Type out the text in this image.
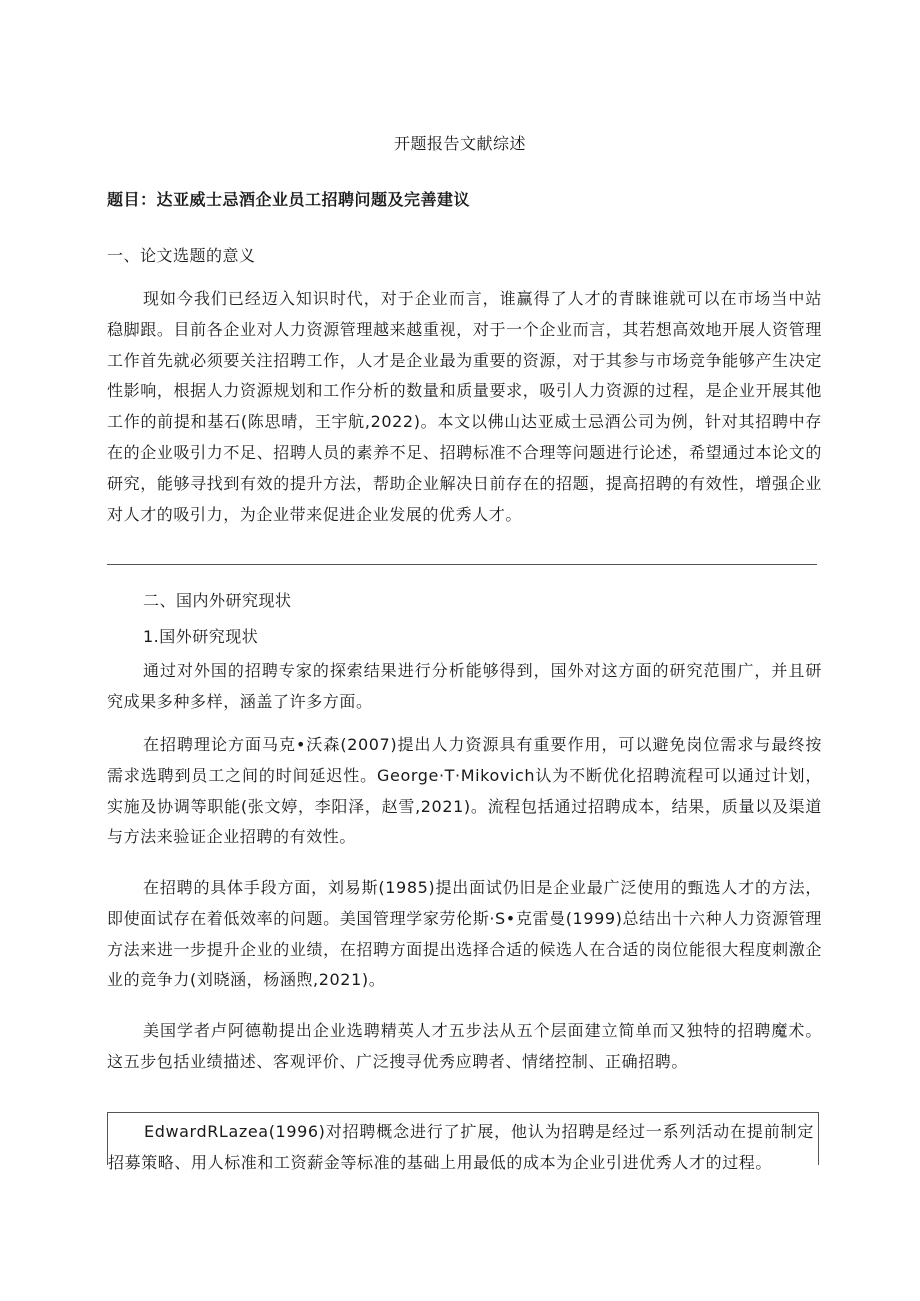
开题报告文献综述
题目：达亚威士忌酒企业员工招聘问题及完善建议
一、论文选题的意义

现如今我们已经迈入知识时代，对于企业而言，谁赢得了人才的青睐谁就可以在市场当中站稳脚跟。目前各企业对人力资源管理越来越重视，对于一个企业而言，其若想高效地开展人资管理工作首先就必须要关注招聘工作，人才是企业最为重要的资源，对于其参与市场竞争能够产生决定性影响，根据人力资源规划和工作分析的数量和质量要求，吸引人力资源的过程，是企业开展其他工作的前提和基石(陈思晴，王宇航,2022)。本文以佛山达亚威士忌酒公司为例，针对其招聘中存在的企业吸引力不足、招聘人员的素养不足、招聘标准不合理等问题进行论述，希望通过本论文的研究，能够寻找到有效的提升方法，帮助企业解决日前存在的招题，提高招聘的有效性，增强企业对人才的吸引力，为企业带来促进企业发展的优秀人才。

二、国内外研究现状
1.国外研究现状

通过对外国的招聘专家的探索结果进行分析能够得到，国外对这方面的研究范围广，并且研究成果多种多样，涵盖了许多方面。

在招聘理论方面马克•沃森(2007)提出人力资源具有重要作用，可以避免岗位需求与最终按需求选聘到员工之间的时间延迟性。George·T·Mikovich认为不断优化招聘流程可以通过计划，实施及协调等职能(张文婷，李阳泽，赵雪,2021)。流程包括通过招聘成本，结果，质量以及渠道与方法来验证企业招聘的有效性。

在招聘的具体手段方面，刘易斯(1985)提出面试仍旧是企业最广泛使用的甄选人才的方法，即使面试存在着低效率的问题。美国管理学家劳伦斯·S•克雷曼(1999)总结出十六种人力资源管理方法来进一步提升企业的业绩，在招聘方面提出选择合适的候选人在合适的岗位能很大程度刺激企业的竞争力(刘晓涵，杨涵煦,2021)。

美国学者卢阿德勒提出企业选聘精英人才五步法从五个层面建立简单而又独特的招聘魔术。这五步包括业绩描述、客观评价、广泛搜寻优秀应聘者、情绪控制、正确招聘。

EdwardRLazea(1996)对招聘概念进行了扩展，他认为招聘是经过一系列活动在提前制定招募策略、用人标准和工资薪金等标准的基础上用最低的成本为企业引进优秀人才的过程。
